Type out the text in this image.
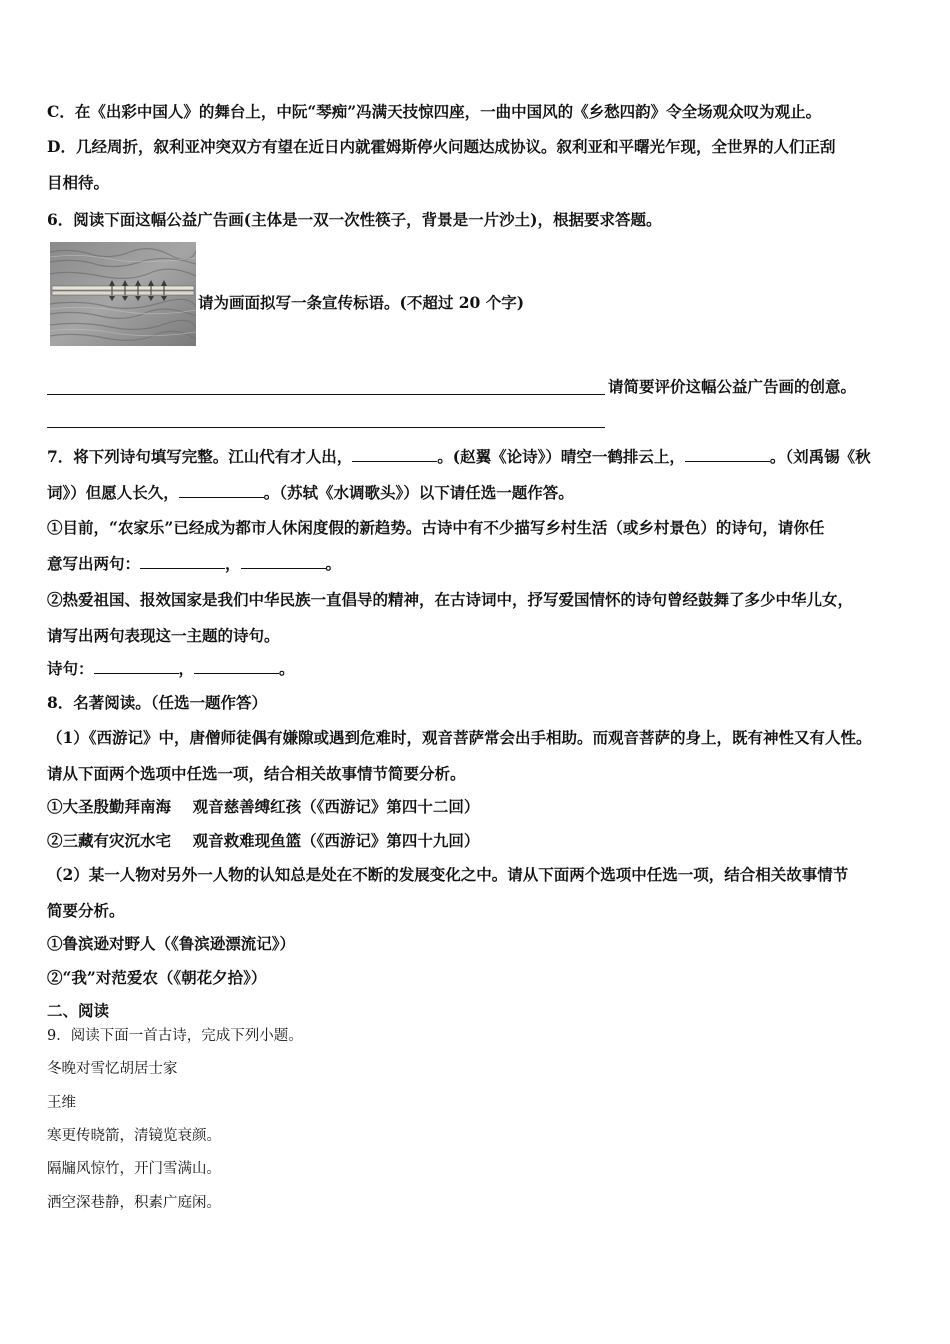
C．在《出彩中国人》的舞台上，中阮“琴痴”冯满天技惊四座，一曲中国风的《乡愁四韵》令全场观众叹为观止。
D．几经周折，叙利亚冲突双方有望在近日内就霍姆斯停火问题达成协议。叙利亚和平曙光乍现，全世界的人们正刮
目相待。
6．阅读下面这幅公益广告画(主体是一双一次性筷子，背景是一片沙土)，根据要求答题。
请为画面拟写一条宣传标语。(不超过 20 个字)
请简要评价这幅公益广告画的创意。
7．将下列诗句填写完整。江山代有才人出，	。(赵翼《论诗》）晴空一鹤排云上，	。（刘禹锡《秋
词》）但愿人长久，	。（苏轼《水调歌头》）以下请任选一题作答。
①目前，“农家乐”已经成为都市人休闲度假的新趋势。古诗中有不少描写乡村生活（或乡村景色）的诗句，请你任
意写出两句：	，	。
②热爱祖国、报效国家是我们中华民族一直倡导的精神，在古诗词中，抒写爱国情怀的诗句曾经鼓舞了多少中华儿女，
请写出两句表现这一主题的诗句。
诗句：	，	。
8．名著阅读。（任选一题作答）
（1）《西游记》中，唐僧师徒偶有嫌隙或遇到危难时，观音菩萨常会出手相助。而观音菩萨的身上，既有神性又有人性。
请从下面两个选项中任选一项，结合相关故事情节简要分析。
①大圣殷勤拜南海    观音慈善缚红孩（《西游记》第四十二回）
②三藏有灾沉水宅    观音救难现鱼篮（《西游记》第四十九回）
（2）某一人物对另外一人物的认知总是处在不断的发展变化之中。请从下面两个选项中任选一项，结合相关故事情节
简要分析。
①鲁滨逊对野人（《鲁滨逊漂流记》）
②“我”对范爱农（《朝花夕拾》）
二、阅读
9．阅读下面一首古诗，完成下列小题。
冬晚对雪忆胡居士家
王维
寒更传晓箭，清镜览衰颜。
隔牖风惊竹，开门雪满山。
洒空深巷静，积素广庭闲。
